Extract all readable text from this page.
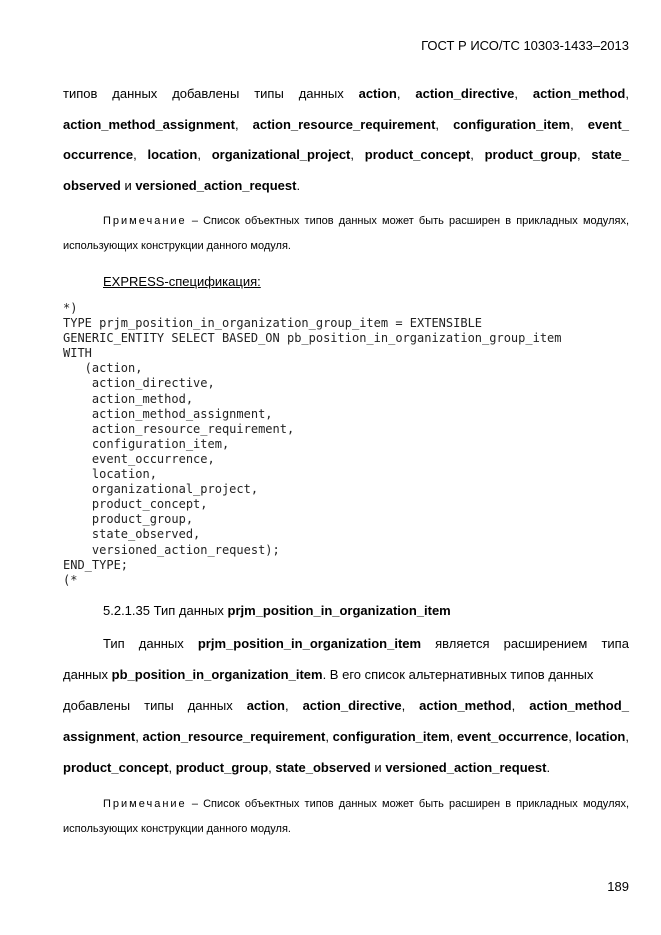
ГОСТ Р ИСО/ТС 10303-1433–2013
типов данных добавлены типы данных action, action_directive, action_method,
action_method_assignment, action_resource_requirement, configuration_item, event_
occurrence, location, organizational_project, product_concept, product_group, state_
observed и versioned_action_request.
Примечание – Список объектных типов данных может быть расширен в прикладных модулях,
использующих конструкции данного модуля.
EXPRESS-спецификация:
*)
TYPE prjm_position_in_organization_group_item = EXTENSIBLE
GENERIC_ENTITY SELECT BASED_ON pb_position_in_organization_group_item
WITH
(action,
action_directive,
action_method,
action_method_assignment,
action_resource_requirement,
configuration_item,
event_occurrence,
location,
organizational_project,
product_concept,
product_group,
state_observed,
versioned_action_request);
END_TYPE;
(*
5.2.1.35 Тип данных prjm_position_in_organization_item
Тип данных prjm_position_in_organization_item является расширением типа
данных pb_position_in_organization_item. В его список альтернативных типов данных
добавлены типы данных action, action_directive, action_method, action_method_
assignment, action_resource_requirement, configuration_item, event_occurrence, location,
product_concept, product_group, state_observed и versioned_action_request.
Примечание – Список объектных типов данных может быть расширен в прикладных модулях,
использующих конструкции данного модуля.
189
